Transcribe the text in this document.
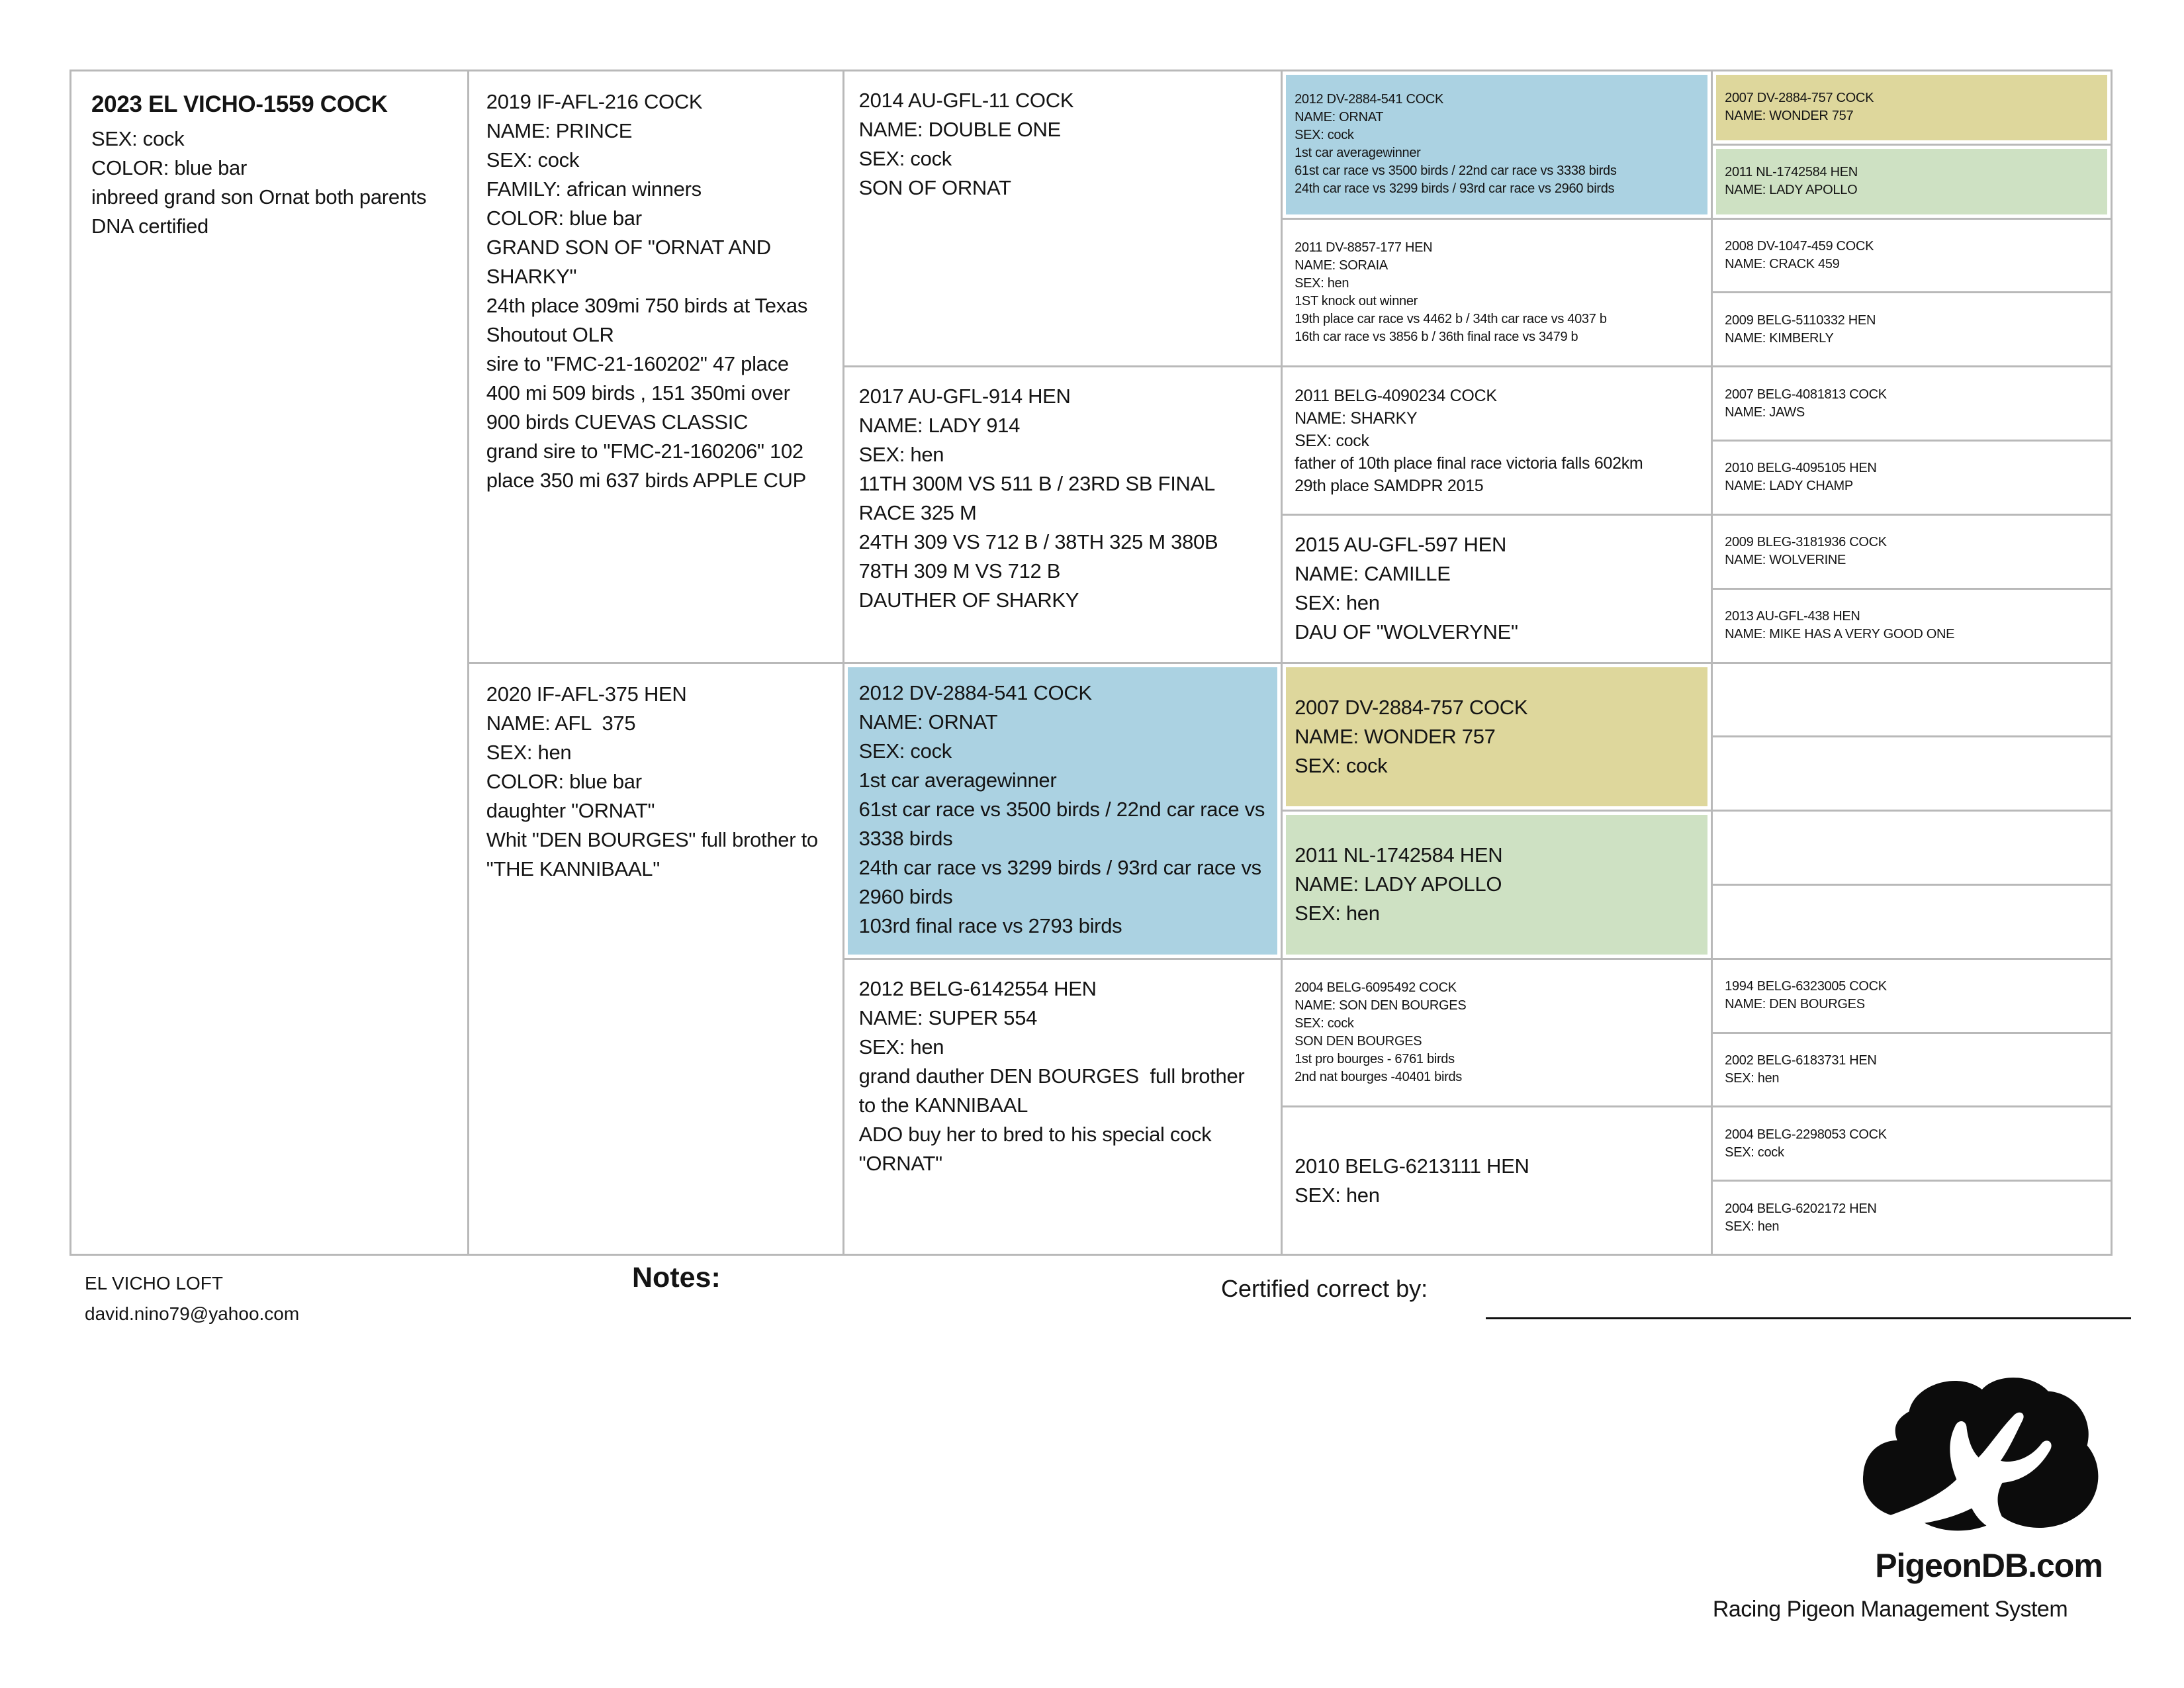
2023 EL VICHO-1559 COCK
SEX: cock
COLOR: blue bar
inbreed grand son Ornat both parents DNA certified
2019 IF-AFL-216 COCK
NAME: PRINCE
SEX: cock
FAMILY: african winners
COLOR: blue bar
GRAND SON OF "ORNAT AND SHARKY"
24th place 309mi 750 birds at Texas Shoutout OLR
sire to "FMC-21-160202" 47 place 400 mi 509 birds , 151 350mi over 900 birds CUEVAS CLASSIC
grand sire to "FMC-21-160206" 102 place 350 mi 637 birds APPLE CUP
2020 IF-AFL-375 HEN
NAME: AFL  375
SEX: hen
COLOR: blue bar
daughter "ORNAT"
Whit "DEN BOURGES" full brother to "THE KANNIBAAL"
2014 AU-GFL-11 COCK
NAME: DOUBLE ONE
SEX: cock
SON OF ORNAT
2017 AU-GFL-914 HEN
NAME: LADY 914
SEX: hen
11TH 300M VS 511 B / 23RD SB FINAL RACE 325 M
24TH 309 VS 712 B / 38TH 325 M 380B
78TH 309 M VS 712 B
DAUTHER OF SHARKY
2012 DV-2884-541 COCK
NAME: ORNAT
SEX: cock
1st car averagewinner
61st car race vs 3500 birds / 22nd car race vs 3338 birds
24th car race vs 3299 birds / 93rd car race vs 2960 birds
103rd final race vs 2793 birds
2012 BELG-6142554 HEN
NAME: SUPER 554
SEX: hen
grand dauther DEN BOURGES  full brother to the KANNIBAAL
ADO buy her to bred to his special cock "ORNAT"
2012 DV-2884-541 COCK
NAME: ORNAT
SEX: cock
1st car averagewinner
61st car race vs 3500 birds / 22nd car race vs 3338 birds
24th car race vs 3299 birds / 93rd car race vs 2960 birds
2011 DV-8857-177 HEN
NAME: SORAIA
SEX: hen
1ST knock out winner
19th place car race vs 4462 b / 34th car race vs 4037 b
16th car race vs 3856 b / 36th final race vs 3479 b
2011 BELG-4090234 COCK
NAME: SHARKY
SEX: cock
father of 10th place final race victoria falls 602km
29th place SAMDPR 2015
2015 AU-GFL-597 HEN
NAME: CAMILLE
SEX: hen
DAU OF "WOLVERYNE"
2007 DV-2884-757 COCK
NAME: WONDER 757
SEX: cock
2011 NL-1742584 HEN
NAME: LADY APOLLO
SEX: hen
2004 BELG-6095492 COCK
NAME: SON DEN BOURGES
SEX: cock
SON DEN BOURGES
1st pro bourges - 6761 birds
2nd nat bourges -40401 birds
2010 BELG-6213111 HEN
SEX: hen
2007 DV-2884-757 COCK
NAME: WONDER 757
2011 NL-1742584 HEN
NAME: LADY APOLLO
2008 DV-1047-459 COCK
NAME: CRACK 459
2009 BELG-5110332 HEN
NAME: KIMBERLY
2007 BELG-4081813 COCK
NAME: JAWS
2010 BELG-4095105 HEN
NAME: LADY CHAMP
2009 BLEG-3181936 COCK
NAME: WOLVERINE
2013 AU-GFL-438 HEN
NAME: MIKE HAS A VERY GOOD ONE
1994 BELG-6323005 COCK
NAME: DEN BOURGES
2002 BELG-6183731 HEN
SEX: hen
2004 BELG-2298053 COCK
SEX: cock
2004 BELG-6202172 HEN
SEX: hen
EL VICHO LOFT
david.nino79@yahoo.com
Notes:	Certified correct by:
PigeonDB.com
Racing Pigeon Management System
